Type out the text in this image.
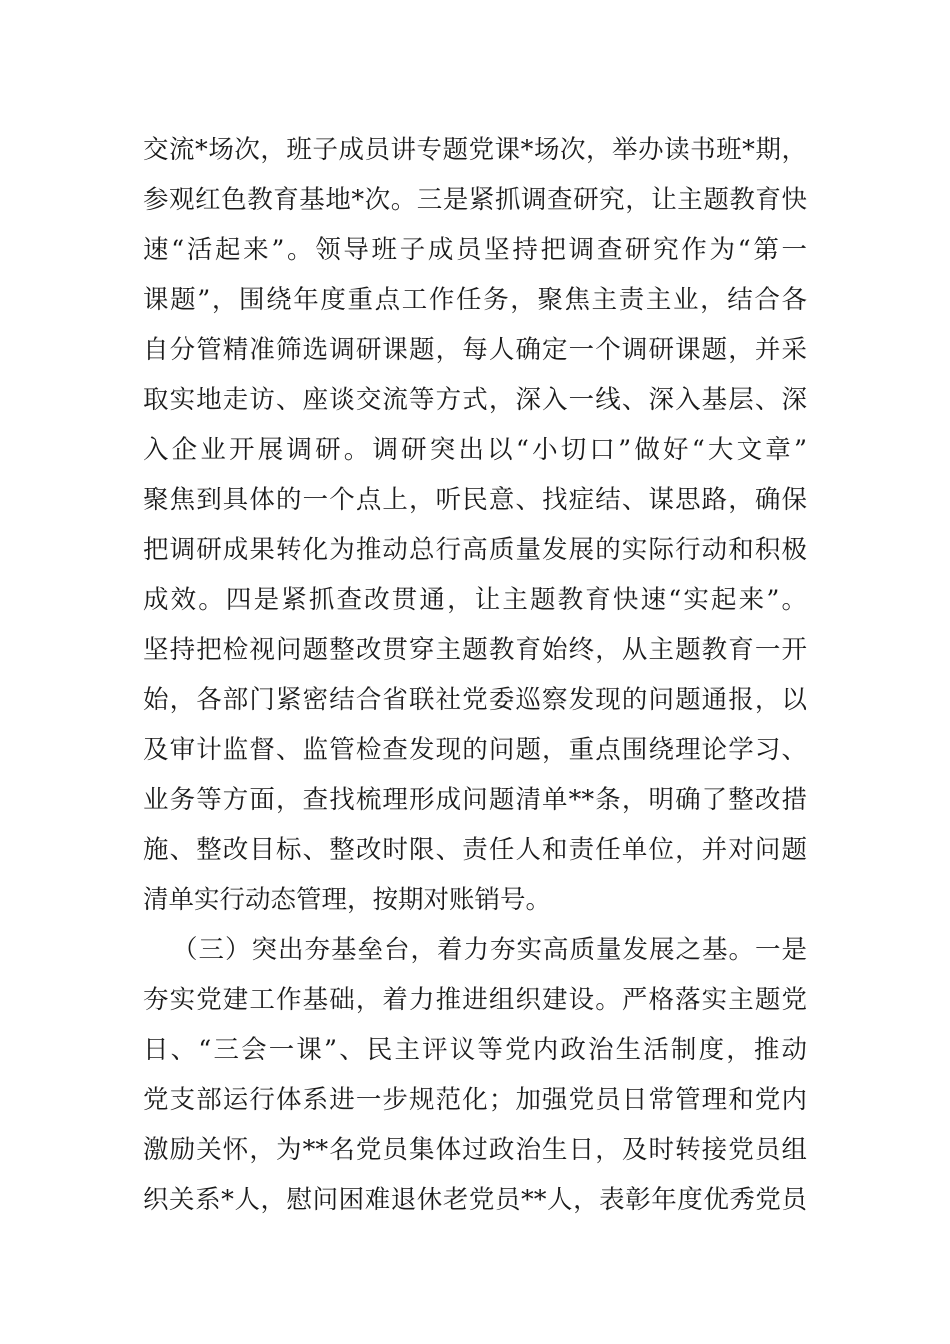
交流*场次，班子成员讲专题党课*场次，举办读书班*期，
参观红色教育基地*次。三是紧抓调查研究，让主题教育快
速“活起来”。领导班子成员坚持把调查研究作为“第一
课题”，围绕年度重点工作任务，聚焦主责主业，结合各
自分管精准筛选调研课题，每人确定一个调研课题，并采
取实地走访、座谈交流等方式，深入一线、深入基层、深
入企业开展调研。调研突出以“小切口”做好“大文章”
聚焦到具体的一个点上，听民意、找症结、谋思路，确保
把调研成果转化为推动总行高质量发展的实际行动和积极
成效。四是紧抓查改贯通，让主题教育快速“实起来”。
坚持把检视问题整改贯穿主题教育始终，从主题教育一开
始，各部门紧密结合省联社党委巡察发现的问题通报，以
及审计监督、监管检查发现的问题，重点围绕理论学习、
业务等方面，查找梳理形成问题清单**条，明确了整改措
施、整改目标、整改时限、责任人和责任单位，并对问题
清单实行动态管理，按期对账销号。
（三）突出夯基垒台，着力夯实高质量发展之基。一是
夯实党建工作基础，着力推进组织建设。严格落实主题党
日、“三会一课”、民主评议等党内政治生活制度，推动
党支部运行体系进一步规范化；加强党员日常管理和党内
激励关怀，为**名党员集体过政治生日，及时转接党员组
织关系*人，慰问困难退休老党员**人，表彰年度优秀党员
